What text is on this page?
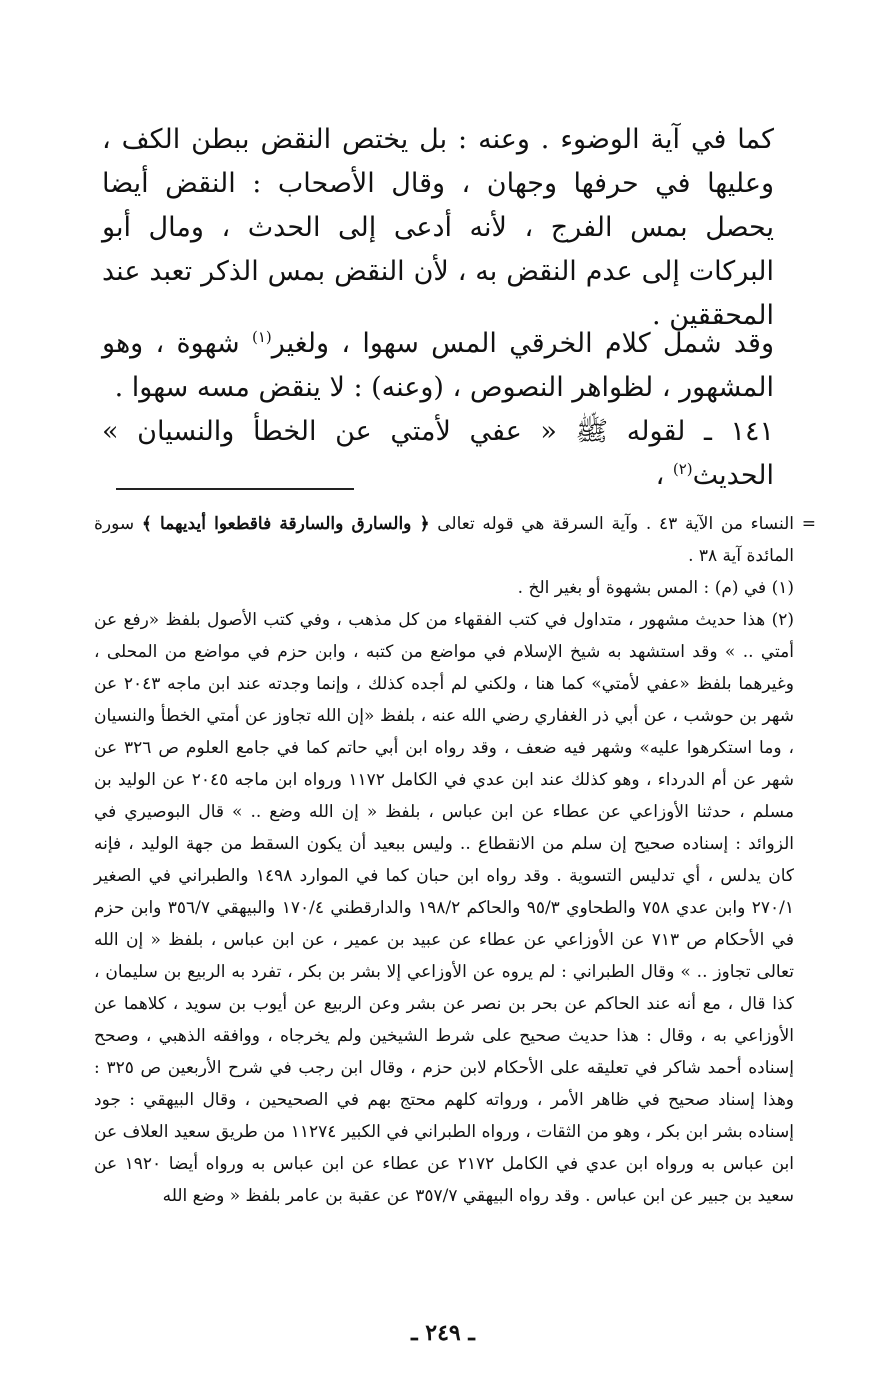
كما في آية الوضوء . وعنه : بل يختص النقض ببطن الكف ، وعليها في حرفها وجهان ، وقال الأصحاب : النقض أيضا يحصل بمس الفرج ، لأنه أدعى إلى الحدث ، ومال أبو البركات إلى عدم النقض به ، لأن النقض بمس الذكر تعبد عند المحققين .

وقد شمل كلام الخرقي المس سهوا ، ولغير$^{(١)}$ شهوة ، وهو المشهور ، لظواهر النصوص ، (وعنه) : لا ينقض مسه سهوا .

١٤١ ـ لقوله ﷺ « عفي لأمتي عن الخطأ والنسيان » الحديث$^{(٢)}$ ،

=
النساء من الآية ٤٣ . وآية السرقة هي قوله تعالى ﴿ والسارق والسارقة فاقطعوا أيديهما ﴾ سورة المائدة آية ٣٨ .

(١) في (م) : المس بشهوة أو بغير الخ .

(٢) هذا حديث مشهور ، متداول في كتب الفقهاء من كل مذهب ، وفي كتب الأصول بلفظ «رفع عن أمتي .. » وقد استشهد به شيخ الإسلام في مواضع من كتبه ، وابن حزم في مواضع من المحلى ، وغيرهما بلفظ «عفي لأمتي» كما هنا ، ولكني لم أجده كذلك ، وإنما وجدته عند ابن ماجه ٢٠٤٣ عن شهر بن حوشب ، عن أبي ذر الغفاري رضي الله عنه ، بلفظ «إن الله تجاوز عن أمتي الخطأ والنسيان ، وما استكرهوا عليه» وشهر فيه ضعف ، وقد رواه ابن أبي حاتم كما في جامع العلوم ص ٣٢٦ عن شهر عن أم الدرداء ، وهو كذلك عند ابن عدي في الكامل ١١٧٢ ورواه ابن ماجه ٢٠٤٥ عن الوليد بن مسلم ، حدثنا الأوزاعي عن عطاء عن ابن عباس ، بلفظ « إن الله وضع .. » قال البوصيري في الزوائد : إسناده صحيح إن سلم من الانقطاع .. وليس ببعيد أن يكون السقط من جهة الوليد ، فإنه كان يدلس ، أي تدليس التسوية . وقد رواه ابن حبان كما في الموارد ١٤٩٨ والطبراني في الصغير ٢٧٠/١ وابن عدي ٧٥٨ والطحاوي ٩٥/٣ والحاكم ١٩٨/٢ والدارقطني ١٧٠/٤ والبيهقي ٣٥٦/٧ وابن حزم في الأحكام ص ٧١٣ عن الأوزاعي عن عطاء عن عبيد بن عمير ، عن ابن عباس ، بلفظ « إن الله تعالى تجاوز .. » وقال الطبراني : لم يروه عن الأوزاعي إلا بشر بن بكر ، تفرد به الربيع بن سليمان ، كذا قال ، مع أنه عند الحاكم عن بحر بن نصر عن بشر وعن الربيع عن أيوب بن سويد ، كلاهما عن الأوزاعي به ، وقال : هذا حديث صحيح على شرط الشيخين ولم يخرجاه ، ووافقه الذهبي ، وصحح إسناده أحمد شاكر في تعليقه على الأحكام لابن حزم ، وقال ابن رجب في شرح الأربعين ص ٣٢٥ : وهذا إسناد صحيح في ظاهر الأمر ، ورواته كلهم محتج بهم في الصحيحين ، وقال البيهقي : جود إسناده بشر ابن بكر ، وهو من الثقات ، ورواه الطبراني في الكبير ١١٢٧٤ من طريق سعيد العلاف عن ابن عباس به ورواه ابن عدي في الكامل ٢١٧٢ عن عطاء عن ابن عباس به ورواه أيضا ١٩٢٠ عن سعيد بن جبير عن ابن عباس . وقد رواه البيهقي ٣٥٧/٧ عن عقبة بن عامر بلفظ « وضع الله

ـ ٢٤٩ ـ
